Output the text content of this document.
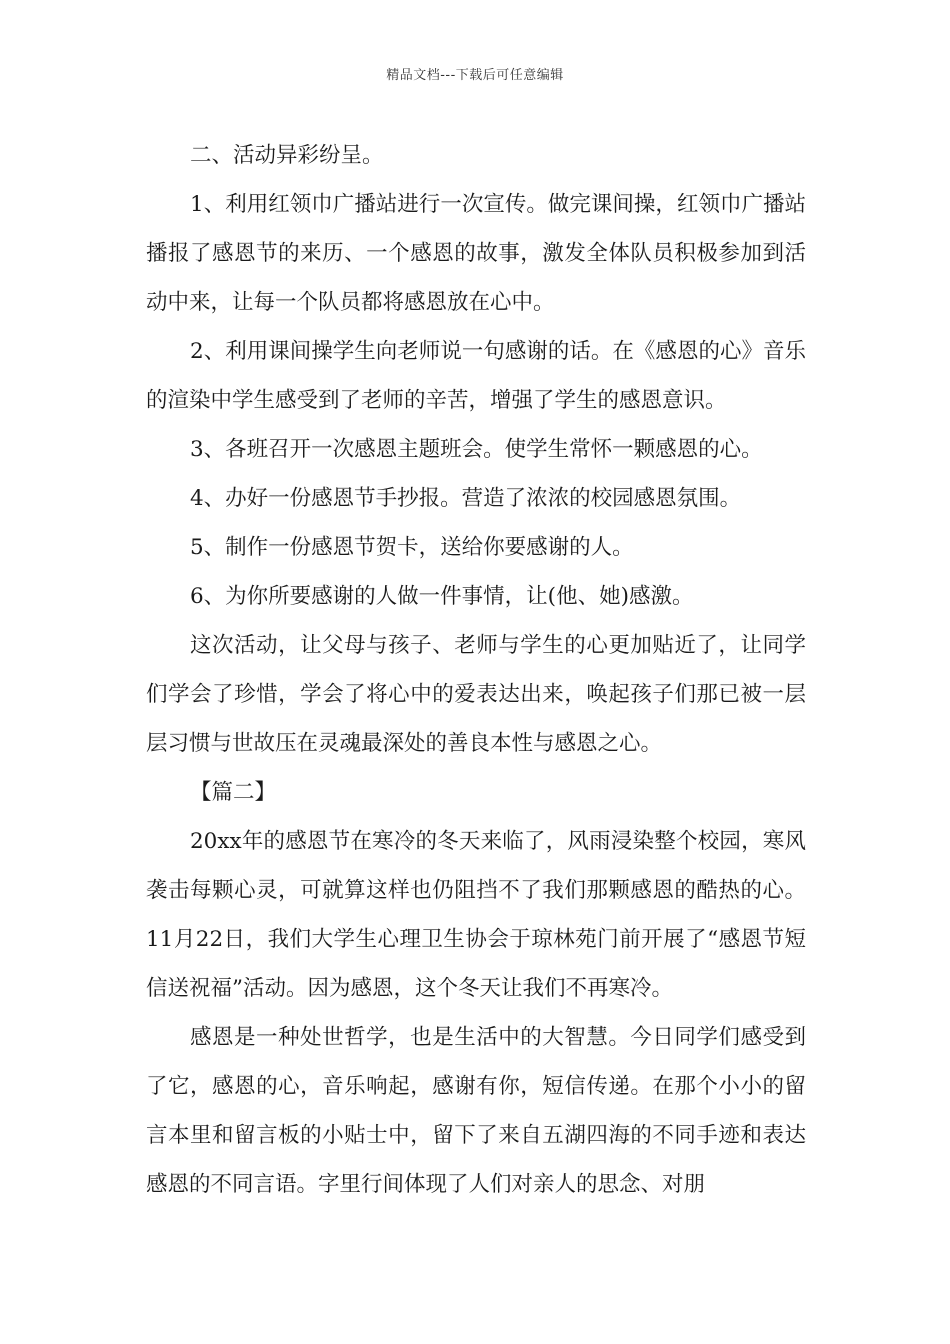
精品文档---下载后可任意编辑

二、活动异彩纷呈。

1、利用红领巾广播站进行一次宣传。做完课间操，红领巾广播站播报了感恩节的来历、一个感恩的故事，激发全体队员积极参加到活动中来，让每一个队员都将感恩放在心中。

2、利用课间操学生向老师说一句感谢的话。在《感恩的心》音乐的渲染中学生感受到了老师的辛苦，增强了学生的感恩意识。

3、各班召开一次感恩主题班会。使学生常怀一颗感恩的心。

4、办好一份感恩节手抄报。营造了浓浓的校园感恩氛围。

5、制作一份感恩节贺卡，送给你要感谢的人。

6、为你所要感谢的人做一件事情，让(他、她)感激。

这次活动，让父母与孩子、老师与学生的心更加贴近了，让同学们学会了珍惜，学会了将心中的爱表达出来，唤起孩子们那已被一层层习惯与世故压在灵魂最深处的善良本性与感恩之心。

【篇二】

20xx年的感恩节在寒冷的冬天来临了，风雨浸染整个校园，寒风袭击每颗心灵，可就算这样也仍阻挡不了我们那颗感恩的酷热的心。11月22日，我们大学生心理卫生协会于琼林苑门前开展了“感恩节短信送祝福”活动。因为感恩，这个冬天让我们不再寒冷。

感恩是一种处世哲学，也是生活中的大智慧。今日同学们感受到了它，感恩的心，音乐响起，感谢有你，短信传递。在那个小小的留言本里和留言板的小贴士中，留下了来自五湖四海的不同手迹和表达感恩的不同言语。字里行间体现了人们对亲人的思念、对朋
